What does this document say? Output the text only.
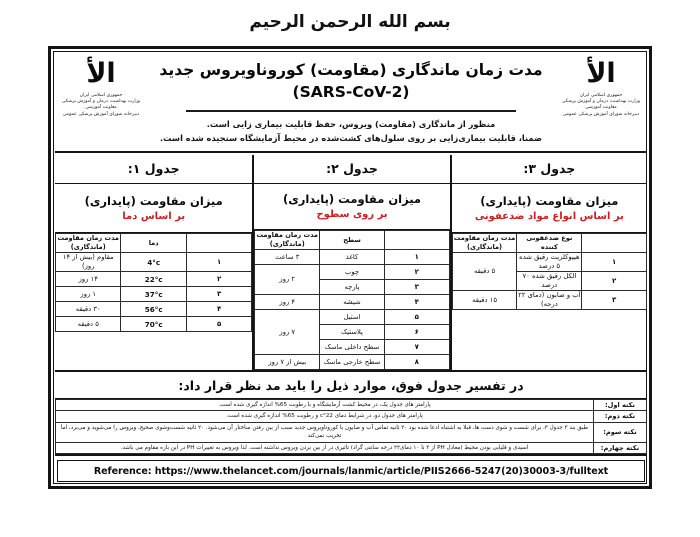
بسم الله الرحمن الرحیم
اﻷ
جمهوری اسلامی ایران
وزارت بهداشت، درمان و آموزش پزشکی
معاونت آموزشی
دبیرخانه شورای آموزش پزشکی عمومی
مدت زمان ماندگاری (مقاومت) کوروناویروس جدید (SARS-CoV-2)
منظور از ماندگاری (مقاومت) ویروس، حفظ قابلیت بیماری زایی است.
ضمنا، قابلیت بیماری‌زایی بر روی سلول‌های کشت‌شده در محیط آزمایشگاه سنجیده شده است.
اﻷ
جمهوری اسلامی ایران
وزارت بهداشت، درمان و آموزش پزشکی
معاونت آموزشی
دبیرخانه شورای آموزش پزشکی عمومی
جدول ۳:
میزان مقاومت (پایداری)
بر اساس انواع مواد ضدعفونی
	نوع ضدعفونی کننده	مدت زمان مقاومت (ماندگاری)
۱	هیپوکلریت رقیق شده ۵ درصد	۵ دقیقه
۲	الکل رقیق شده ۷۰ درصد	
۳	آب و صابون (دمای ۲۲ درجه)	۱۵ دقیقه
جدول ۲:
میزان مقاومت (پایداری)
بر روی سطوح
	سطح	مدت زمان مقاومت (ماندگاری)
۱	کاغذ	۳ ساعت
۲	چوب	۲ روز
۳	پارچه	
۴	شیشه	۴ روز
۵	استیل	۷ روز
۶	پلاستیک	
۷	سطح داخلی ماسک	
۸	سطح خارجی ماسک	بیش از ۷ روز
جدول ۱:
میزان مقاومت (پایداری)
بر اساس دما
	دما	مدت زمان مقاومت (ماندگاری)
۱	4°c	مقاوم (بیش از ۱۴ روز)
۲	22°c	۱۴ روز
۳	37°c	۱ روز
۴	56°c	۳۰ دقیقه
۵	70°c	۵ دقیقه
در تفسیر جدول فوق، موارد ذیل را باید مد نظر قرار داد:
نکته اول:	پارامتر های جدول یک، در محیط کشت آزمایشگاه و با رطوبت 65% اندازه گیری شده است.
نکته دوم:	پارامتر های جدول دو، در شرایط دمای 22°c و رطوبت 65% اندازه گیری شده است.
نکته سوم:	طبق بند ۳ جدول ۳، برای شست و شوی دست ها، قبلا به اشتباه ادعا شده بود ۲۰ ثانیه تماس آب و صابون با کوروناویروس جدید سبب از بین رفتن ساختار آن می‌شود. ۲۰ ثانیه شست‌وشوی صحیح، ویروس را می‌شوید و می‌برد، اما تخریب نمی‌کند
نکته چهارم:	اسیدی و قلیایی بودن محیط (معادل PH از ۳ تا ۱۰ دمای۲۲ درجه سانتی گراد) تاثیری در از بین بردن ویروس نداشته است. لذا ویروس به تغییرات PH در این بازه مقاوم می باشد.
Reference: https://www.thelancet.com/journals/lanmic/article/PIIS2666-5247(20)30003-3/fulltext
